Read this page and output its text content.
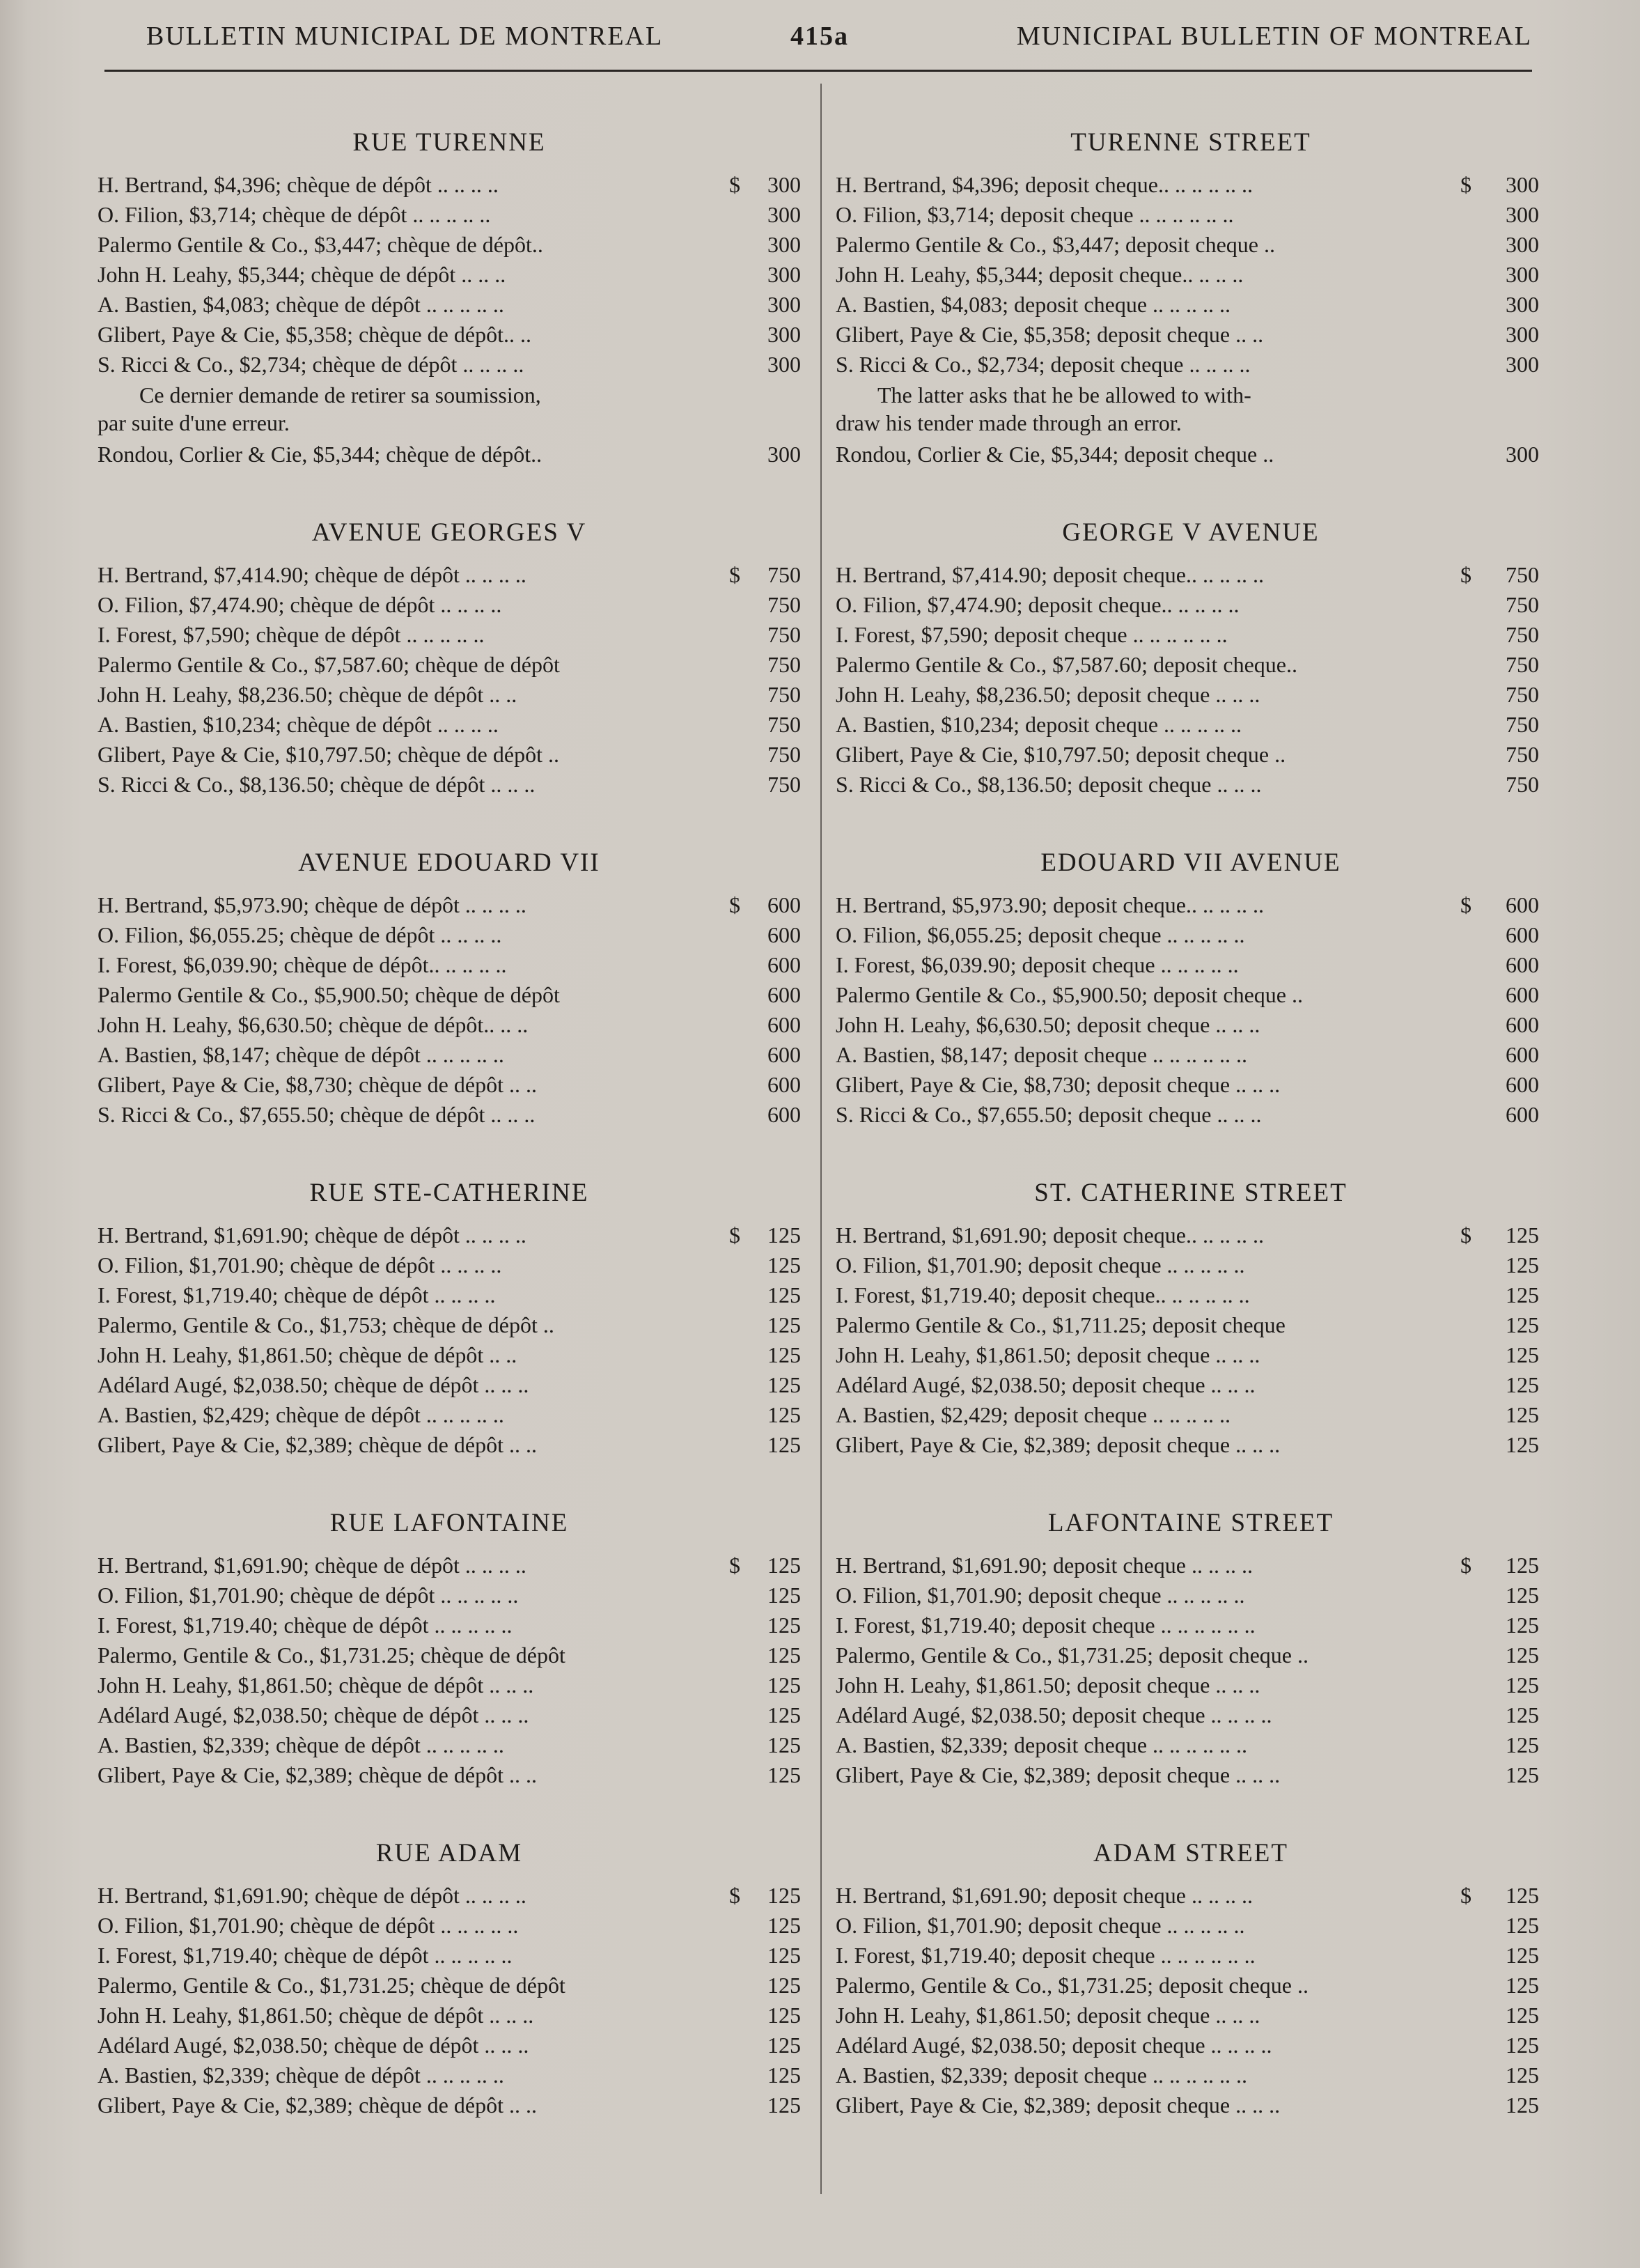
BULLETIN MUNICIPAL DE MONTREAL	415a	MUNICIPAL BULLETIN OF MONTREAL
RUE TURENNE
H. Bertrand, $4,396; chèque de dépôt .. .. .. ..	$	300
O. Filion, $3,714; chèque de dépôt .. .. .. .. ..	300
Palermo Gentile & Co., $3,447; chèque de dépôt..	300
John H. Leahy, $5,344; chèque de dépôt .. .. ..	300
A. Bastien, $4,083; chèque de dépôt .. .. .. .. ..	300
Glibert, Paye & Cie, $5,358; chèque de dépôt.. ..	300
S. Ricci & Co., $2,734; chèque de dépôt .. .. .. ..	300
Ce dernier demande de retirer sa soumission,
par suite d'une erreur.
Rondou, Corlier & Cie, $5,344; chèque de dépôt..	300
AVENUE GEORGES V
H. Bertrand, $7,414.90; chèque de dépôt .. .. .. ..	$	750
O. Filion, $7,474.90; chèque de dépôt .. .. .. ..	750
I. Forest, $7,590; chèque de dépôt .. .. .. .. ..	750
Palermo Gentile & Co., $7,587.60; chèque de dépôt	750
John H. Leahy, $8,236.50; chèque de dépôt .. ..	750
A. Bastien, $10,234; chèque de dépôt .. .. .. ..	750
Glibert, Paye & Cie, $10,797.50; chèque de dépôt ..	750
S. Ricci & Co., $8,136.50; chèque de dépôt .. .. ..	750
AVENUE EDOUARD VII
H. Bertrand, $5,973.90; chèque de dépôt .. .. .. ..	$	600
O. Filion, $6,055.25; chèque de dépôt .. .. .. ..	600
I. Forest, $6,039.90; chèque de dépôt.. .. .. .. ..	600
Palermo Gentile & Co., $5,900.50; chèque de dépôt	600
John H. Leahy, $6,630.50; chèque de dépôt.. .. ..	600
A. Bastien, $8,147; chèque de dépôt .. .. .. .. ..	600
Glibert, Paye & Cie, $8,730; chèque de dépôt .. ..	600
S. Ricci & Co., $7,655.50; chèque de dépôt .. .. ..	600
RUE STE-CATHERINE
H. Bertrand, $1,691.90; chèque de dépôt .. .. .. ..	$	125
O. Filion, $1,701.90; chèque de dépôt .. .. .. ..	125
I. Forest, $1,719.40; chèque de dépôt .. .. .. ..	125
Palermo, Gentile & Co., $1,753; chèque de dépôt ..	125
John H. Leahy, $1,861.50; chèque de dépôt .. ..	125
Adélard Augé, $2,038.50; chèque de dépôt .. .. ..	125
A. Bastien, $2,429; chèque de dépôt .. .. .. .. ..	125
Glibert, Paye & Cie, $2,389; chèque de dépôt .. ..	125
RUE LAFONTAINE
H. Bertrand, $1,691.90; chèque de dépôt .. .. .. ..	$	125
O. Filion, $1,701.90; chèque de dépôt .. .. .. .. ..	125
I. Forest, $1,719.40; chèque de dépôt .. .. .. .. ..	125
Palermo, Gentile & Co., $1,731.25; chèque de dépôt	125
John H. Leahy, $1,861.50; chèque de dépôt .. .. ..	125
Adélard Augé, $2,038.50; chèque de dépôt .. .. ..	125
A. Bastien, $2,339; chèque de dépôt .. .. .. .. ..	125
Glibert, Paye & Cie, $2,389; chèque de dépôt .. ..	125
RUE ADAM
H. Bertrand, $1,691.90; chèque de dépôt .. .. .. ..	$	125
O. Filion, $1,701.90; chèque de dépôt .. .. .. .. ..	125
I. Forest, $1,719.40; chèque de dépôt .. .. .. .. ..	125
Palermo, Gentile & Co., $1,731.25; chèque de dépôt	125
John H. Leahy, $1,861.50; chèque de dépôt .. .. ..	125
Adélard Augé, $2,038.50; chèque de dépôt .. .. ..	125
A. Bastien, $2,339; chèque de dépôt .. .. .. .. ..	125
Glibert, Paye & Cie, $2,389; chèque de dépôt .. ..	125
TURENNE STREET
H. Bertrand, $4,396; deposit cheque.. .. .. .. .. ..	$	300
O. Filion, $3,714; deposit cheque .. .. .. .. .. ..	300
Palermo Gentile & Co., $3,447; deposit cheque ..	300
John H. Leahy, $5,344; deposit cheque.. .. .. ..	300
A. Bastien, $4,083; deposit cheque .. .. .. .. ..	300
Glibert, Paye & Cie, $5,358; deposit cheque .. ..	300
S. Ricci & Co., $2,734; deposit cheque .. .. .. ..	300
The latter asks that he be allowed to with-
draw his tender made through an error.
Rondou, Corlier & Cie, $5,344; deposit cheque ..	300
GEORGE V AVENUE
H. Bertrand, $7,414.90; deposit cheque.. .. .. .. ..	$	750
O. Filion, $7,474.90; deposit cheque.. .. .. .. ..	750
I. Forest, $7,590; deposit cheque .. .. .. .. .. ..	750
Palermo Gentile & Co., $7,587.60; deposit cheque..	750
John H. Leahy, $8,236.50; deposit cheque .. .. ..	750
A. Bastien, $10,234; deposit cheque .. .. .. .. ..	750
Glibert, Paye & Cie, $10,797.50; deposit cheque ..	750
S. Ricci & Co., $8,136.50; deposit cheque .. .. ..	750
EDOUARD VII AVENUE
H. Bertrand, $5,973.90; deposit cheque.. .. .. .. ..	$	600
O. Filion, $6,055.25; deposit cheque .. .. .. .. ..	600
I. Forest, $6,039.90; deposit cheque .. .. .. .. ..	600
Palermo Gentile & Co., $5,900.50; deposit cheque ..	600
John H. Leahy, $6,630.50; deposit cheque .. .. ..	600
A. Bastien, $8,147; deposit cheque .. .. .. .. .. ..	600
Glibert, Paye & Cie, $8,730; deposit cheque .. .. ..	600
S. Ricci & Co., $7,655.50; deposit cheque .. .. ..	600
ST. CATHERINE STREET
H. Bertrand, $1,691.90; deposit cheque.. .. .. .. ..	$	125
O. Filion, $1,701.90; deposit cheque .. .. .. .. ..	125
I. Forest, $1,719.40; deposit cheque.. .. .. .. .. ..	125
Palermo Gentile & Co., $1,711.25; deposit cheque	125
John H. Leahy, $1,861.50; deposit cheque .. .. ..	125
Adélard Augé, $2,038.50; deposit cheque .. .. ..	125
A. Bastien, $2,429; deposit cheque .. .. .. .. ..	125
Glibert, Paye & Cie, $2,389; deposit cheque .. .. ..	125
LAFONTAINE STREET
H. Bertrand, $1,691.90; deposit cheque .. .. .. ..	$	125
O. Filion, $1,701.90; deposit cheque .. .. .. .. ..	125
I. Forest, $1,719.40; deposit cheque .. .. .. .. .. ..	125
Palermo, Gentile & Co., $1,731.25; deposit cheque ..	125
John H. Leahy, $1,861.50; deposit cheque .. .. ..	125
Adélard Augé, $2,038.50; deposit cheque .. .. .. ..	125
A. Bastien, $2,339; deposit cheque .. .. .. .. .. ..	125
Glibert, Paye & Cie, $2,389; deposit cheque .. .. ..	125
ADAM STREET
H. Bertrand, $1,691.90; deposit cheque .. .. .. ..	$	125
O. Filion, $1,701.90; deposit cheque .. .. .. .. ..	125
I. Forest, $1,719.40; deposit cheque .. .. .. .. .. ..	125
Palermo, Gentile & Co., $1,731.25; deposit cheque ..	125
John H. Leahy, $1,861.50; deposit cheque .. .. ..	125
Adélard Augé, $2,038.50; deposit cheque .. .. .. ..	125
A. Bastien, $2,339; deposit cheque .. .. .. .. .. ..	125
Glibert, Paye & Cie, $2,389; deposit cheque .. .. ..	125
